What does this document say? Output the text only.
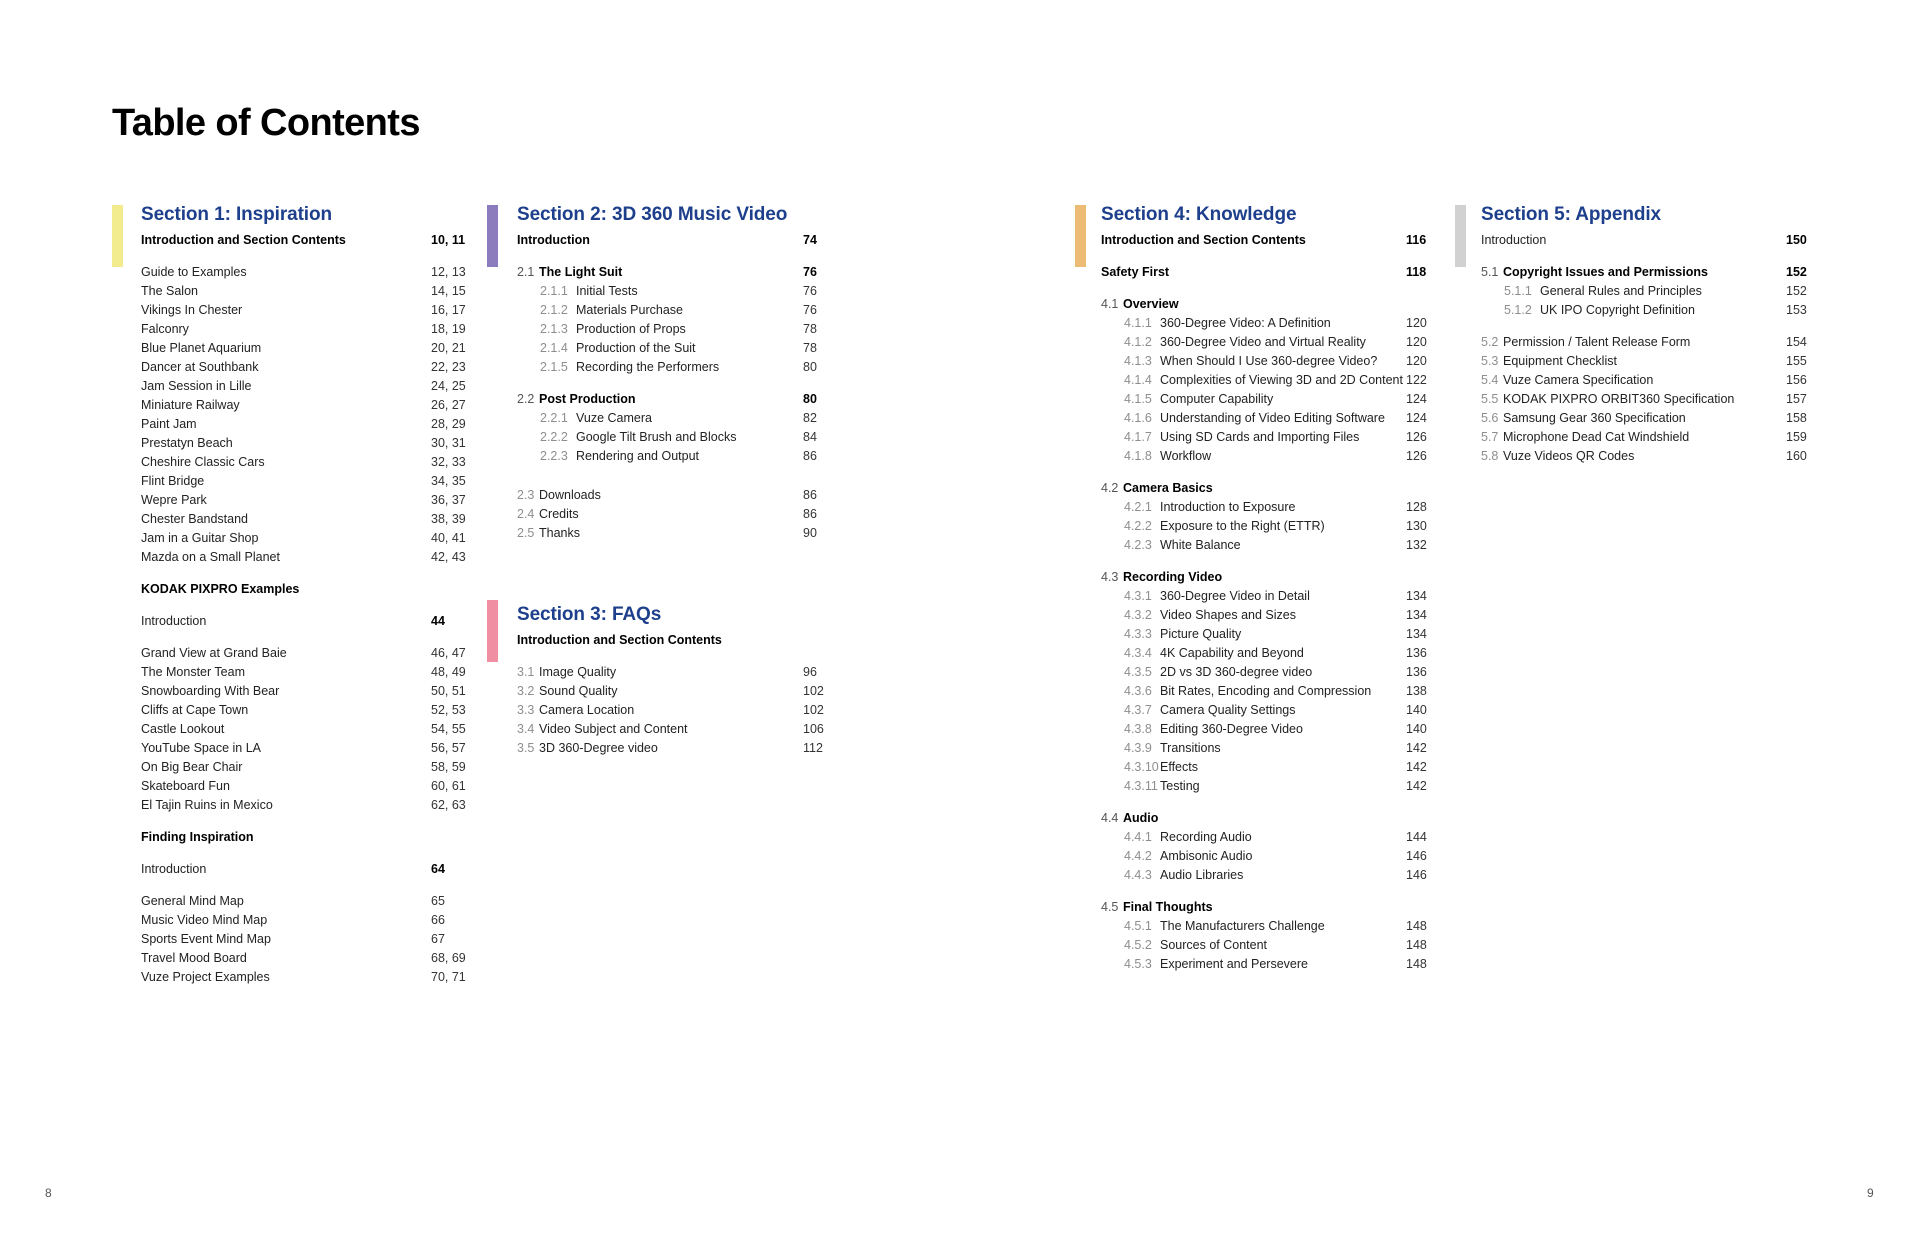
Table of Contents
Section 1: Inspiration
Introduction and Section Contents	10, 11
Guide to Examples	12, 13
The Salon	14, 15
Vikings In Chester	16, 17
Falconry	18, 19
Blue Planet Aquarium	20, 21
Dancer at Southbank	22, 23
Jam Session in Lille	24, 25
Miniature Railway	26, 27
Paint Jam	28, 29
Prestatyn Beach	30, 31
Cheshire Classic Cars	32, 33
Flint Bridge	34, 35
Wepre Park	36, 37
Chester Bandstand	38, 39
Jam in a Guitar Shop	40, 41
Mazda on a Small Planet	42, 43
KODAK PIXPRO Examples
Introduction	44
Grand View at Grand Baie	46, 47
The Monster Team	48, 49
Snowboarding With Bear	50, 51
Cliffs at Cape Town	52, 53
Castle Lookout	54, 55
YouTube Space in LA	56, 57
On Big Bear Chair	58, 59
Skateboard Fun	60, 61
El Tajin Ruins in Mexico	62, 63
Finding Inspiration
Introduction	64
General Mind Map	65
Music Video Mind Map	66
Sports Event Mind Map	67
Travel Mood Board	68, 69
Vuze Project Examples	70, 71
Section 2: 3D 360 Music Video
Introduction	74
2.1 The Light Suit	76
2.1.1 Initial Tests	76
2.1.2 Materials Purchase	76
2.1.3 Production of Props	78
2.1.4 Production of the Suit	78
2.1.5 Recording the Performers	80
2.2 Post Production	80
2.2.1 Vuze Camera	82
2.2.2 Google Tilt Brush and Blocks	84
2.2.3 Rendering and Output	86
2.3 Downloads	86
2.4 Credits	86
2.5 Thanks	90
Section 3: FAQs
Introduction and Section Contents
3.1 Image Quality	96
3.2 Sound Quality	102
3.3 Camera Location	102
3.4 Video Subject and Content	106
3.5 3D 360-Degree video	112
Section 4: Knowledge
Introduction and Section Contents	116
Safety First	118
4.1 Overview
4.1.1 360-Degree Video: A Definition	120
4.1.2 360-Degree Video and Virtual Reality	120
4.1.3 When Should I Use 360-degree Video? 120
4.1.4 Complexities of Viewing 3D and 2D Content 122
4.1.5 Computer Capability	124
4.1.6 Understanding of Video Editing Software 124
4.1.7 Using SD Cards and Importing Files	126
4.1.8 Workflow	126
4.2 Camera Basics
4.2.1 Introduction to Exposure	128
4.2.2 Exposure to the Right (ETTR)	130
4.2.3 White Balance	132
4.3 Recording Video
4.3.1 360-Degree Video in Detail	134
4.3.2 Video Shapes and Sizes	134
4.3.3 Picture Quality	134
4.3.4 4K Capability and Beyond	136
4.3.5 2D vs 3D 360-degree video	136
4.3.6 Bit Rates, Encoding and Compression	138
4.3.7 Camera Quality Settings	140
4.3.8 Editing 360-Degree Video	140
4.3.9 Transitions	142
4.3.10Effects	142
4.3.11 Testing	142
4.4 Audio
4.4.1 Recording Audio	144
4.4.2 Ambisonic Audio	146
4.4.3 Audio Libraries	146
4.5 Final Thoughts
4.5.1 The Manufacturers Challenge	148
4.5.2 Sources of Content	148
4.5.3 Experiment and Persevere	148
Section 5: Appendix
Introduction	150
5.1 Copyright Issues and Permissions	152
5.1.1 General Rules and Principles	152
5.1.2 UK IPO Copyright Definition	153
5.2 Permission / Talent Release Form	154
5.3 Equipment Checklist	155
5.4 Vuze Camera Specification	156
5.5 KODAK PIXPRO ORBIT360 Specification	157
5.6 Samsung Gear 360 Specification	158
5.7 Microphone Dead Cat Windshield	159
5.8 Vuze Videos QR Codes	160
8	9
